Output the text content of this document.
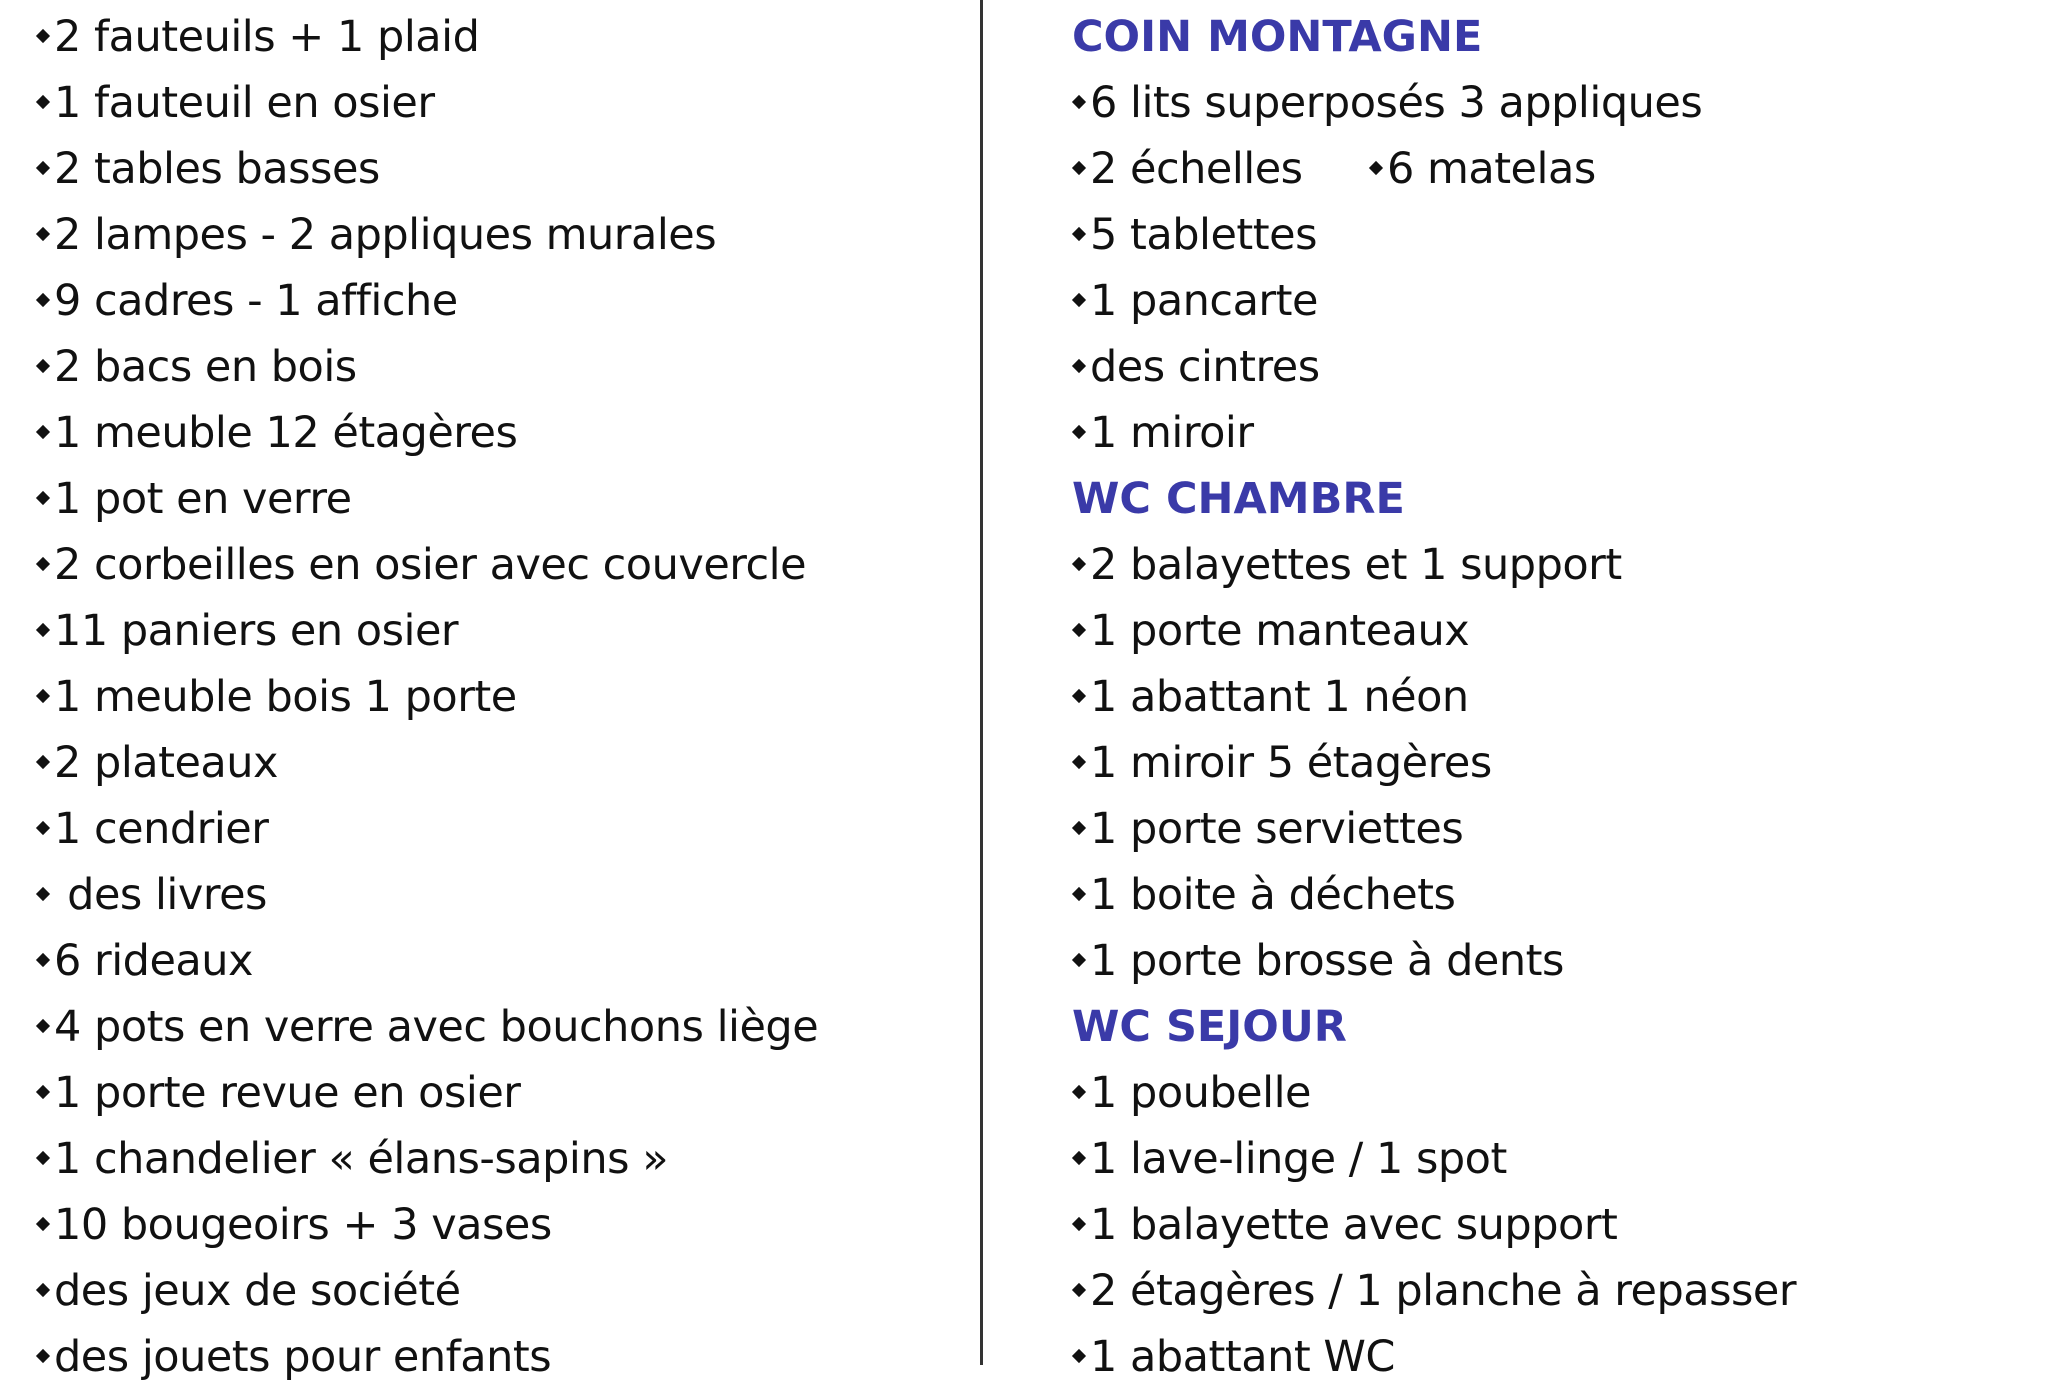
2 fauteuils + 1 plaid
1 fauteuil en osier
2 tables basses
2 lampes - 2 appliques murales
9 cadres - 1 affiche
2 bacs en bois
1 meuble 12 étagères
1 pot en verre
2 corbeilles en osier avec couvercle
11 paniers en osier
1 meuble bois 1 porte
2 plateaux
1 cendrier
des livres
6 rideaux
4 pots en verre avec bouchons liège
1 porte revue en osier
1 chandelier « élans-sapins »
10 bougeoirs + 3 vases
des jeux de société
des jouets pour enfants
COIN MONTAGNE
6 lits superposés 3 appliques
2 échelles 6 matelas
5 tablettes
1 pancarte
des cintres
1 miroir
WC CHAMBRE
2 balayettes et 1 support
1 porte manteaux
1 abattant 1 néon
1 miroir 5 étagères
1 porte serviettes
1 boite à déchets
1 porte brosse à dents
WC SEJOUR
1 poubelle
1 lave-linge / 1 spot
1 balayette avec support
2 étagères / 1 planche à repasser
1 abattant WC
